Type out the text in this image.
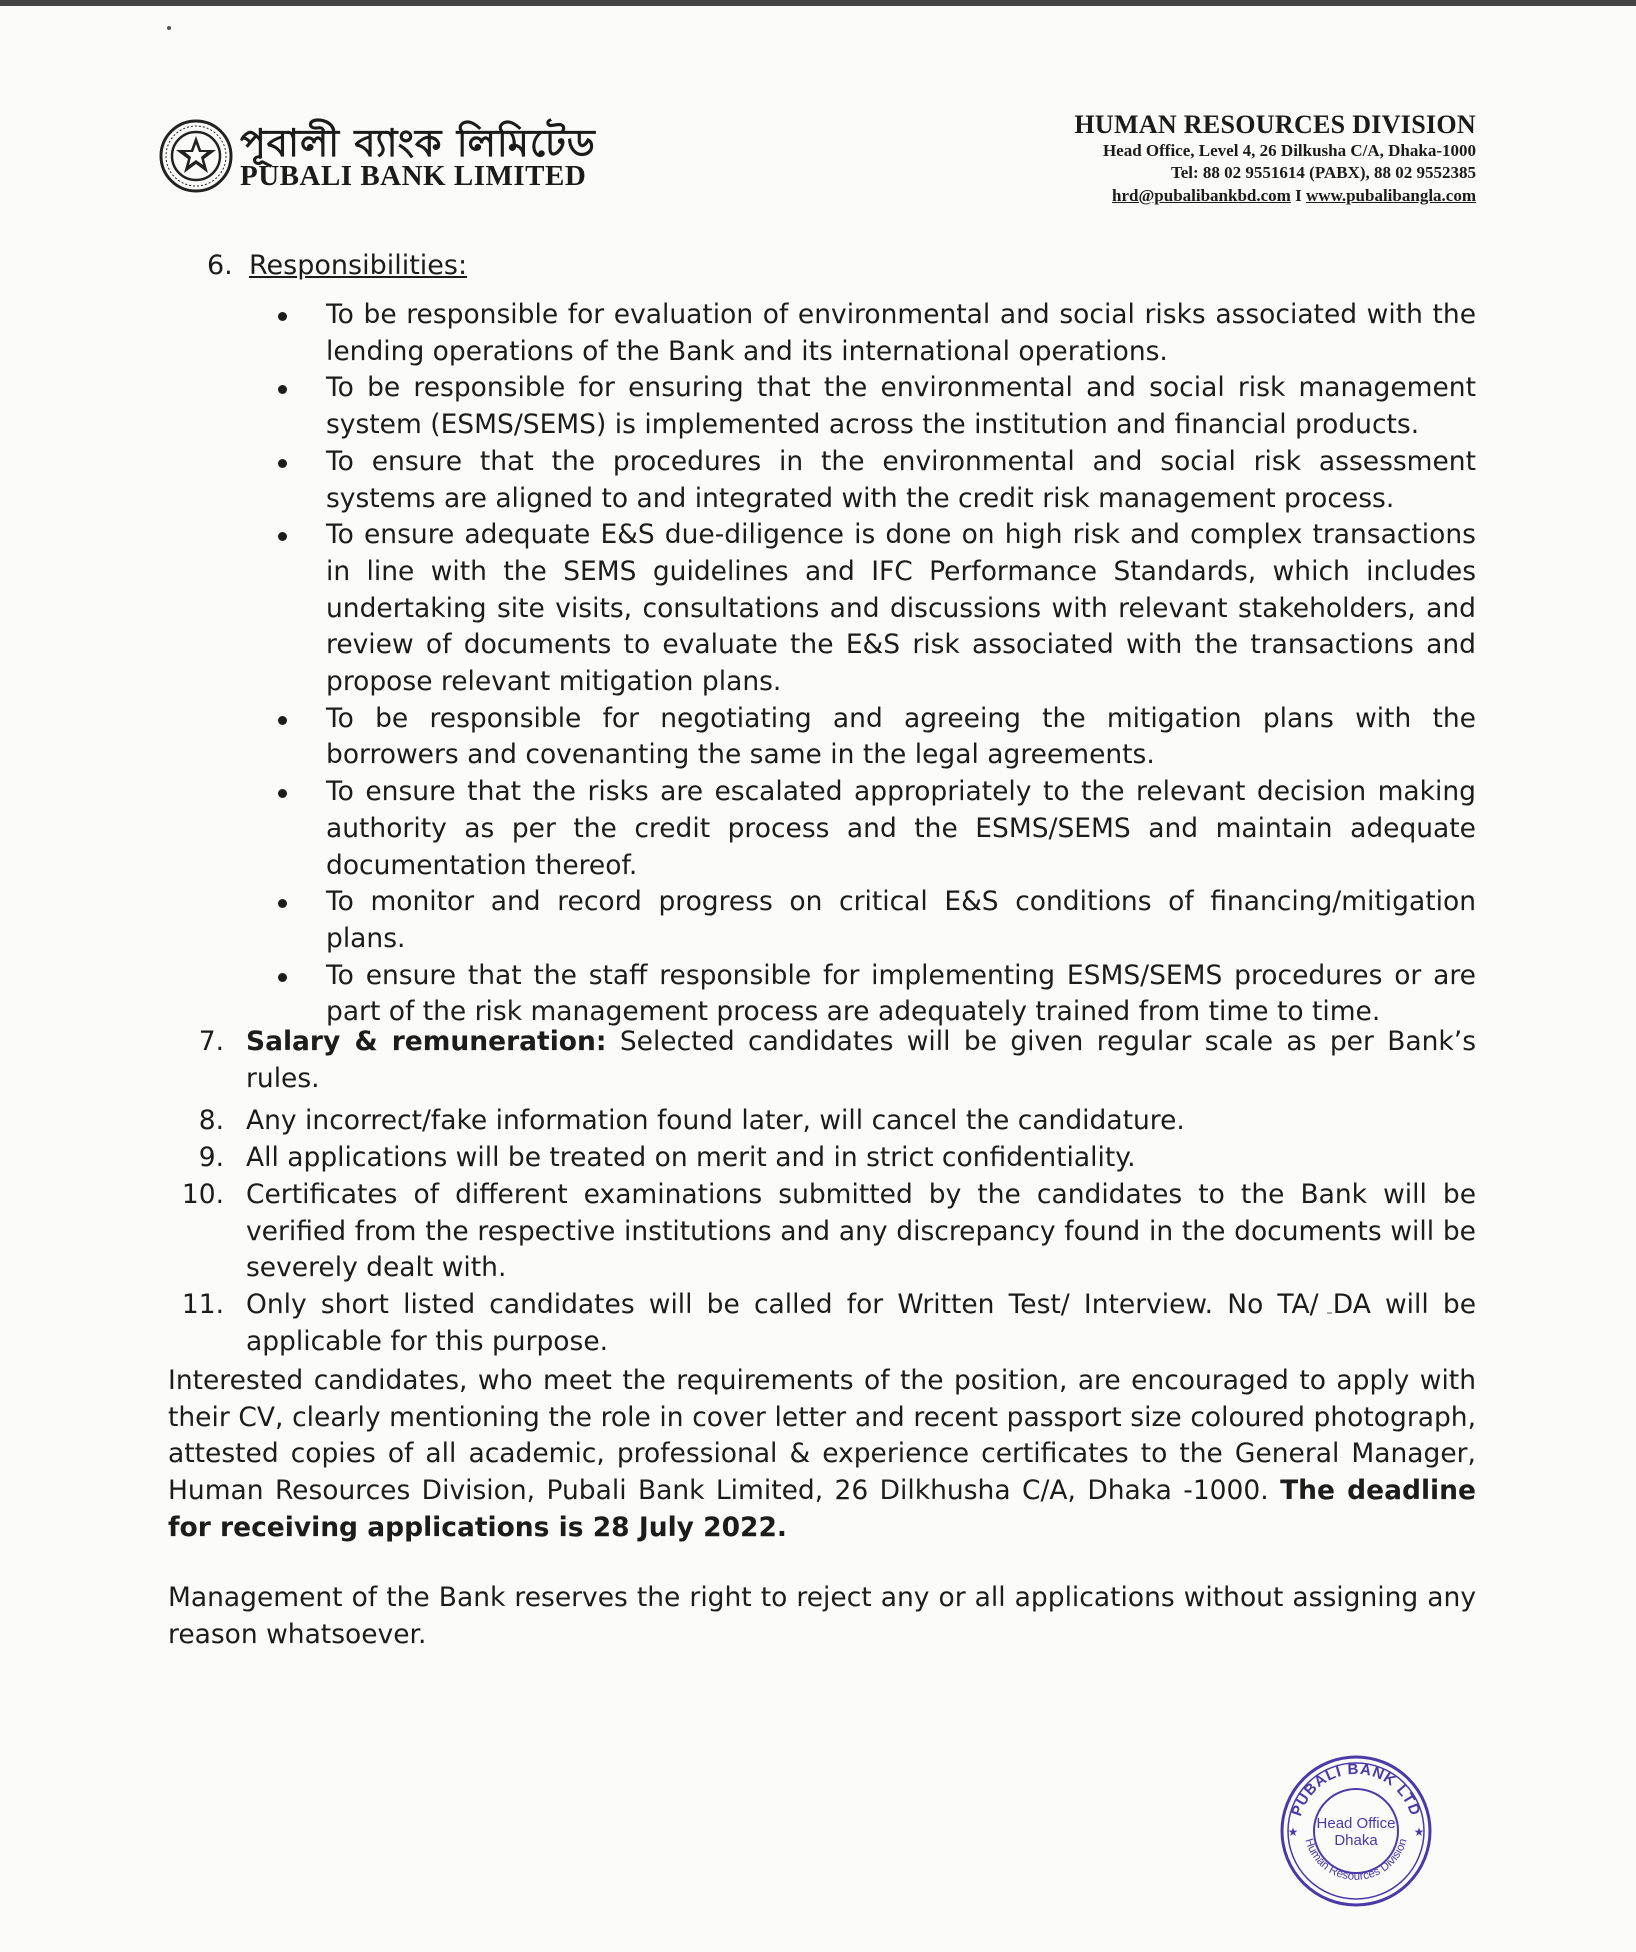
পূবালী ব্যাংক লিমিটেড
PUBALI BANK LIMITED
HUMAN RESOURCES DIVISION
Head Office, Level 4, 26 Dilkusha C/A, Dhaka-1000
Tel: 88 02 9551614 (PABX), 88 02 9552385
hrd@pubalibankbd.com I www.pubalibangla.com
6. Responsibilities:
To be responsible for evaluation of environmental and social risks associated with the lending operations of the Bank and its international operations.
To be responsible for ensuring that the environmental and social risk management system (ESMS/SEMS) is implemented across the institution and financial products.
To ensure that the procedures in the environmental and social risk assessment systems are aligned to and integrated with the credit risk management process.
To ensure adequate E&S due-diligence is done on high risk and complex transactions in line with the SEMS guidelines and IFC Performance Standards, which includes undertaking site visits, consultations and discussions with relevant stakeholders, and review of documents to evaluate the E&S risk associated with the transactions and propose relevant mitigation plans.
To be responsible for negotiating and agreeing the mitigation plans with the borrowers and covenanting the same in the legal agreements.
To ensure that the risks are escalated appropriately to the relevant decision making authority as per the credit process and the ESMS/SEMS and maintain adequate documentation thereof.
To monitor and record progress on critical E&S conditions of financing/mitigation plans.
To ensure that the staff responsible for implementing ESMS/SEMS procedures or are part of the risk management process are adequately trained from time to time.
7. Salary & remuneration: Selected candidates will be given regular scale as per Bank’s rules.
8. Any incorrect/fake information found later, will cancel the candidature.
9. All applications will be treated on merit and in strict confidentiality.
10. Certificates of different examinations submitted by the candidates to the Bank will be verified from the respective institutions and any discrepancy found in the documents will be severely dealt with.
11. Only short listed candidates will be called for Written Test/ Interview. No TA/ DA will be applicable for this purpose.
Interested candidates, who meet the requirements of the position, are encouraged to apply with their CV, clearly mentioning the role in cover letter and recent passport size coloured photograph, attested copies of all academic, professional & experience certificates to the General Manager, Human Resources Division, Pubali Bank Limited, 26 Dilkhusha C/A, Dhaka -1000. The deadline for receiving applications is 28 July 2022.
Management of the Bank reserves the right to reject any or all applications without assigning any reason whatsoever.
PUBALI BANK LTD
Human Resources Division
Head Office
Dhaka
★	★
